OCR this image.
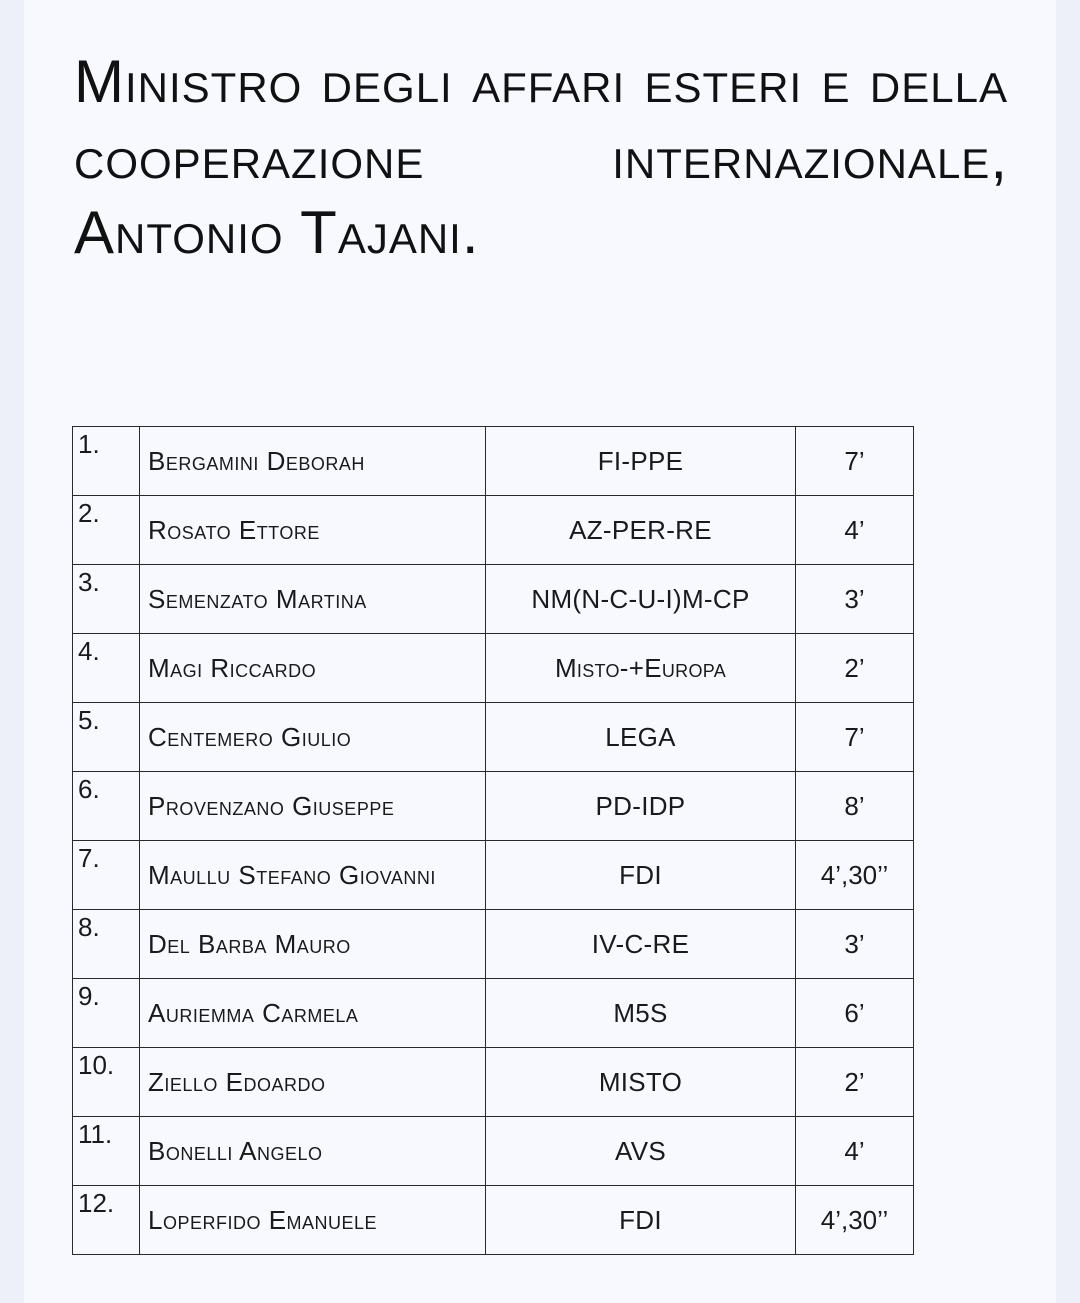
Ministro degli affari esteri e della cooperazione internazionale, Antonio Tajani.
1.	Bergamini Deborah	FI-PPE	7’
2.	Rosato Ettore	AZ-PER-RE	4’
3.	Semenzato Martina	NM(N-C-U-I)M-CP	3’
4.	Magi Riccardo	Misto-+Europa	2’
5.	Centemero Giulio	LEGA	7’
6.	Provenzano Giuseppe	PD-IDP	8’
7.	Maullu Stefano Giovanni	FDI	4’,30’’
8.	Del Barba Mauro	IV-C-RE	3’
9.	Auriemma Carmela	M5S	6’
10.	Ziello Edoardo	MISTO	2’
11.	Bonelli Angelo	AVS	4’
12.	Loperfido Emanuele	FDI	4’,30’’
